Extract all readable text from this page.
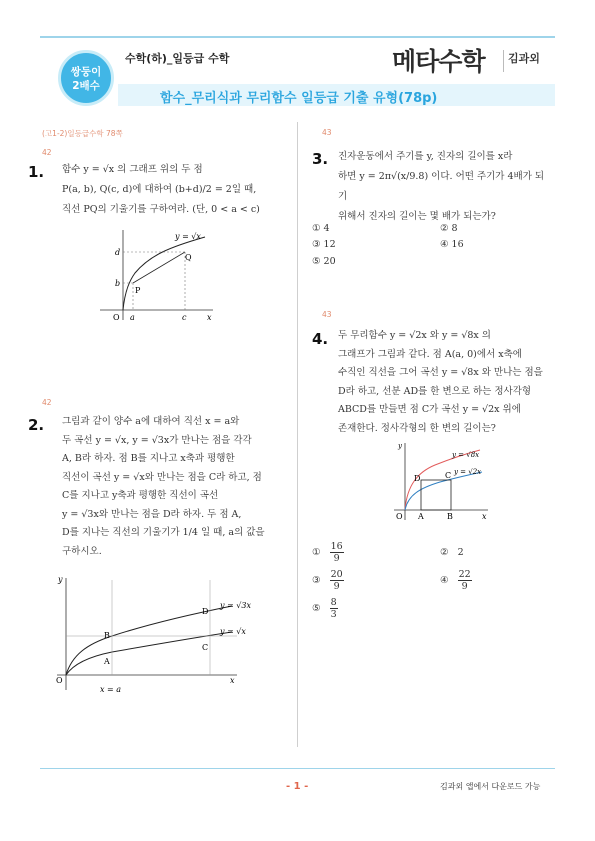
쌍둥이
2배수
수학(하)_일등급 수학	메타수학 김과외
함수_무리식과 무리함수 일등급 기출 유형(78p)
(고1-2)일등급수학 78쪽
42
1. 함수 y = √x 의 그래프 위의 두 점
P(a, b), Q(c, d)에 대하여 (b+d)/2 = 2일 때,
직선 PQ의 기울기를 구하여라. (단, 0 < a < c)
y = √x
d
b
Q
P
O a	c	x
42
2. 그림과 같이 양수 a에 대하여 직선 x = a와
두 곡선 y = √x, y = √3x가 만나는 점을 각각
A, B라 하자. 점 B를 지나고 x축과 평행한
직선이 곡선 y = √x와 만나는 점을 C라 하고, 점
C를 지나고 y축과 평행한 직선이 곡선
y = √3x와 만나는 점을 D라 하자. 두 점 A,
D를 지나는 직선의 기울기가 1/4 일 때, a의 값을
구하시오.
y
D
y = √3x
B	y = √x
C
A
O	x
x = a
43
3. 진자운동에서 주기를 y, 진자의 길이를 x라
하면 y = 2π√(x/9.8) 이다. 어떤 주기가 4배가 되기
위해서 진자의 길이는 몇 배가 되는가?
① 4	② 8
③ 12	④ 16
⑤ 20
43
4. 두 무리함수 y = √2x 와 y = √8x 의
그래프가 그림과 같다. 점 A(a, 0)에서 x축에
수직인 직선을 그어 곡선 y = √8x 와 만나는 점을
D라 하고, 선분 AD를 한 변으로 하는 정사각형
ABCD를 만들면 점 C가 곡선 y = √2x 위에
존재한다. 정사각형의 한 변의 길이는?
y
y = √8x
y = √2x
D	C
O A	B	x
① $\frac{16}{9}$	② 2
③ $\frac{20}{9}$	④ $\frac{22}{9}$
⑤ $\frac{8}{3}$
- 1 -	김과외 앱에서 다운로드 가능
